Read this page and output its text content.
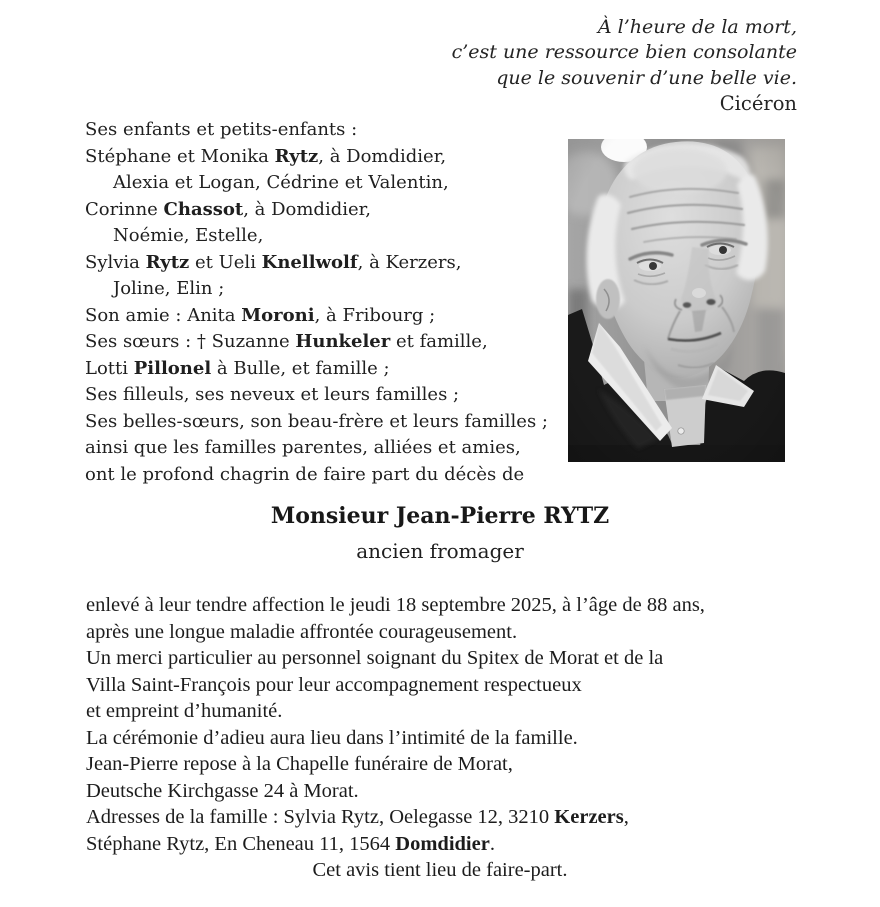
À l’heure de la mort,
c’est une ressource bien consolante
que le souvenir d’une belle vie.
Cicéron
Ses enfants et petits-enfants :
Stéphane et Monika Rytz, à Domdidier,
Alexia et Logan, Cédrine et Valentin,
Corinne Chassot, à Domdidier,
Noémie, Estelle,
Sylvia Rytz et Ueli Knellwolf, à Kerzers,
Joline, Elin ;
Son amie : Anita Moroni, à Fribourg ;
Ses sœurs : † Suzanne Hunkeler et famille,
Lotti Pillonel à Bulle, et famille ;
Ses filleuls, ses neveux et leurs familles ;
Ses belles-sœurs, son beau-frère et leurs familles ;
ainsi que les familles parentes, alliées et amies,
ont le profond chagrin de faire part du décès de
Monsieur Jean-Pierre RYTZ
ancien fromager
enlevé à leur tendre affection le jeudi 18 septembre 2025, à l’âge de 88 ans,
après une longue maladie affrontée courageusement.
Un merci particulier au personnel soignant du Spitex de Morat et de la
Villa Saint-François pour leur accompagnement respectueux
et empreint d’humanité.
La cérémonie d’adieu aura lieu dans l’intimité de la famille.
Jean-Pierre repose à la Chapelle funéraire de Morat,
Deutsche Kirchgasse 24 à Morat.
Adresses de la famille : Sylvia Rytz, Oelegasse 12, 3210 Kerzers,
Stéphane Rytz, En Cheneau 11, 1564 Domdidier.
Cet avis tient lieu de faire-part.
